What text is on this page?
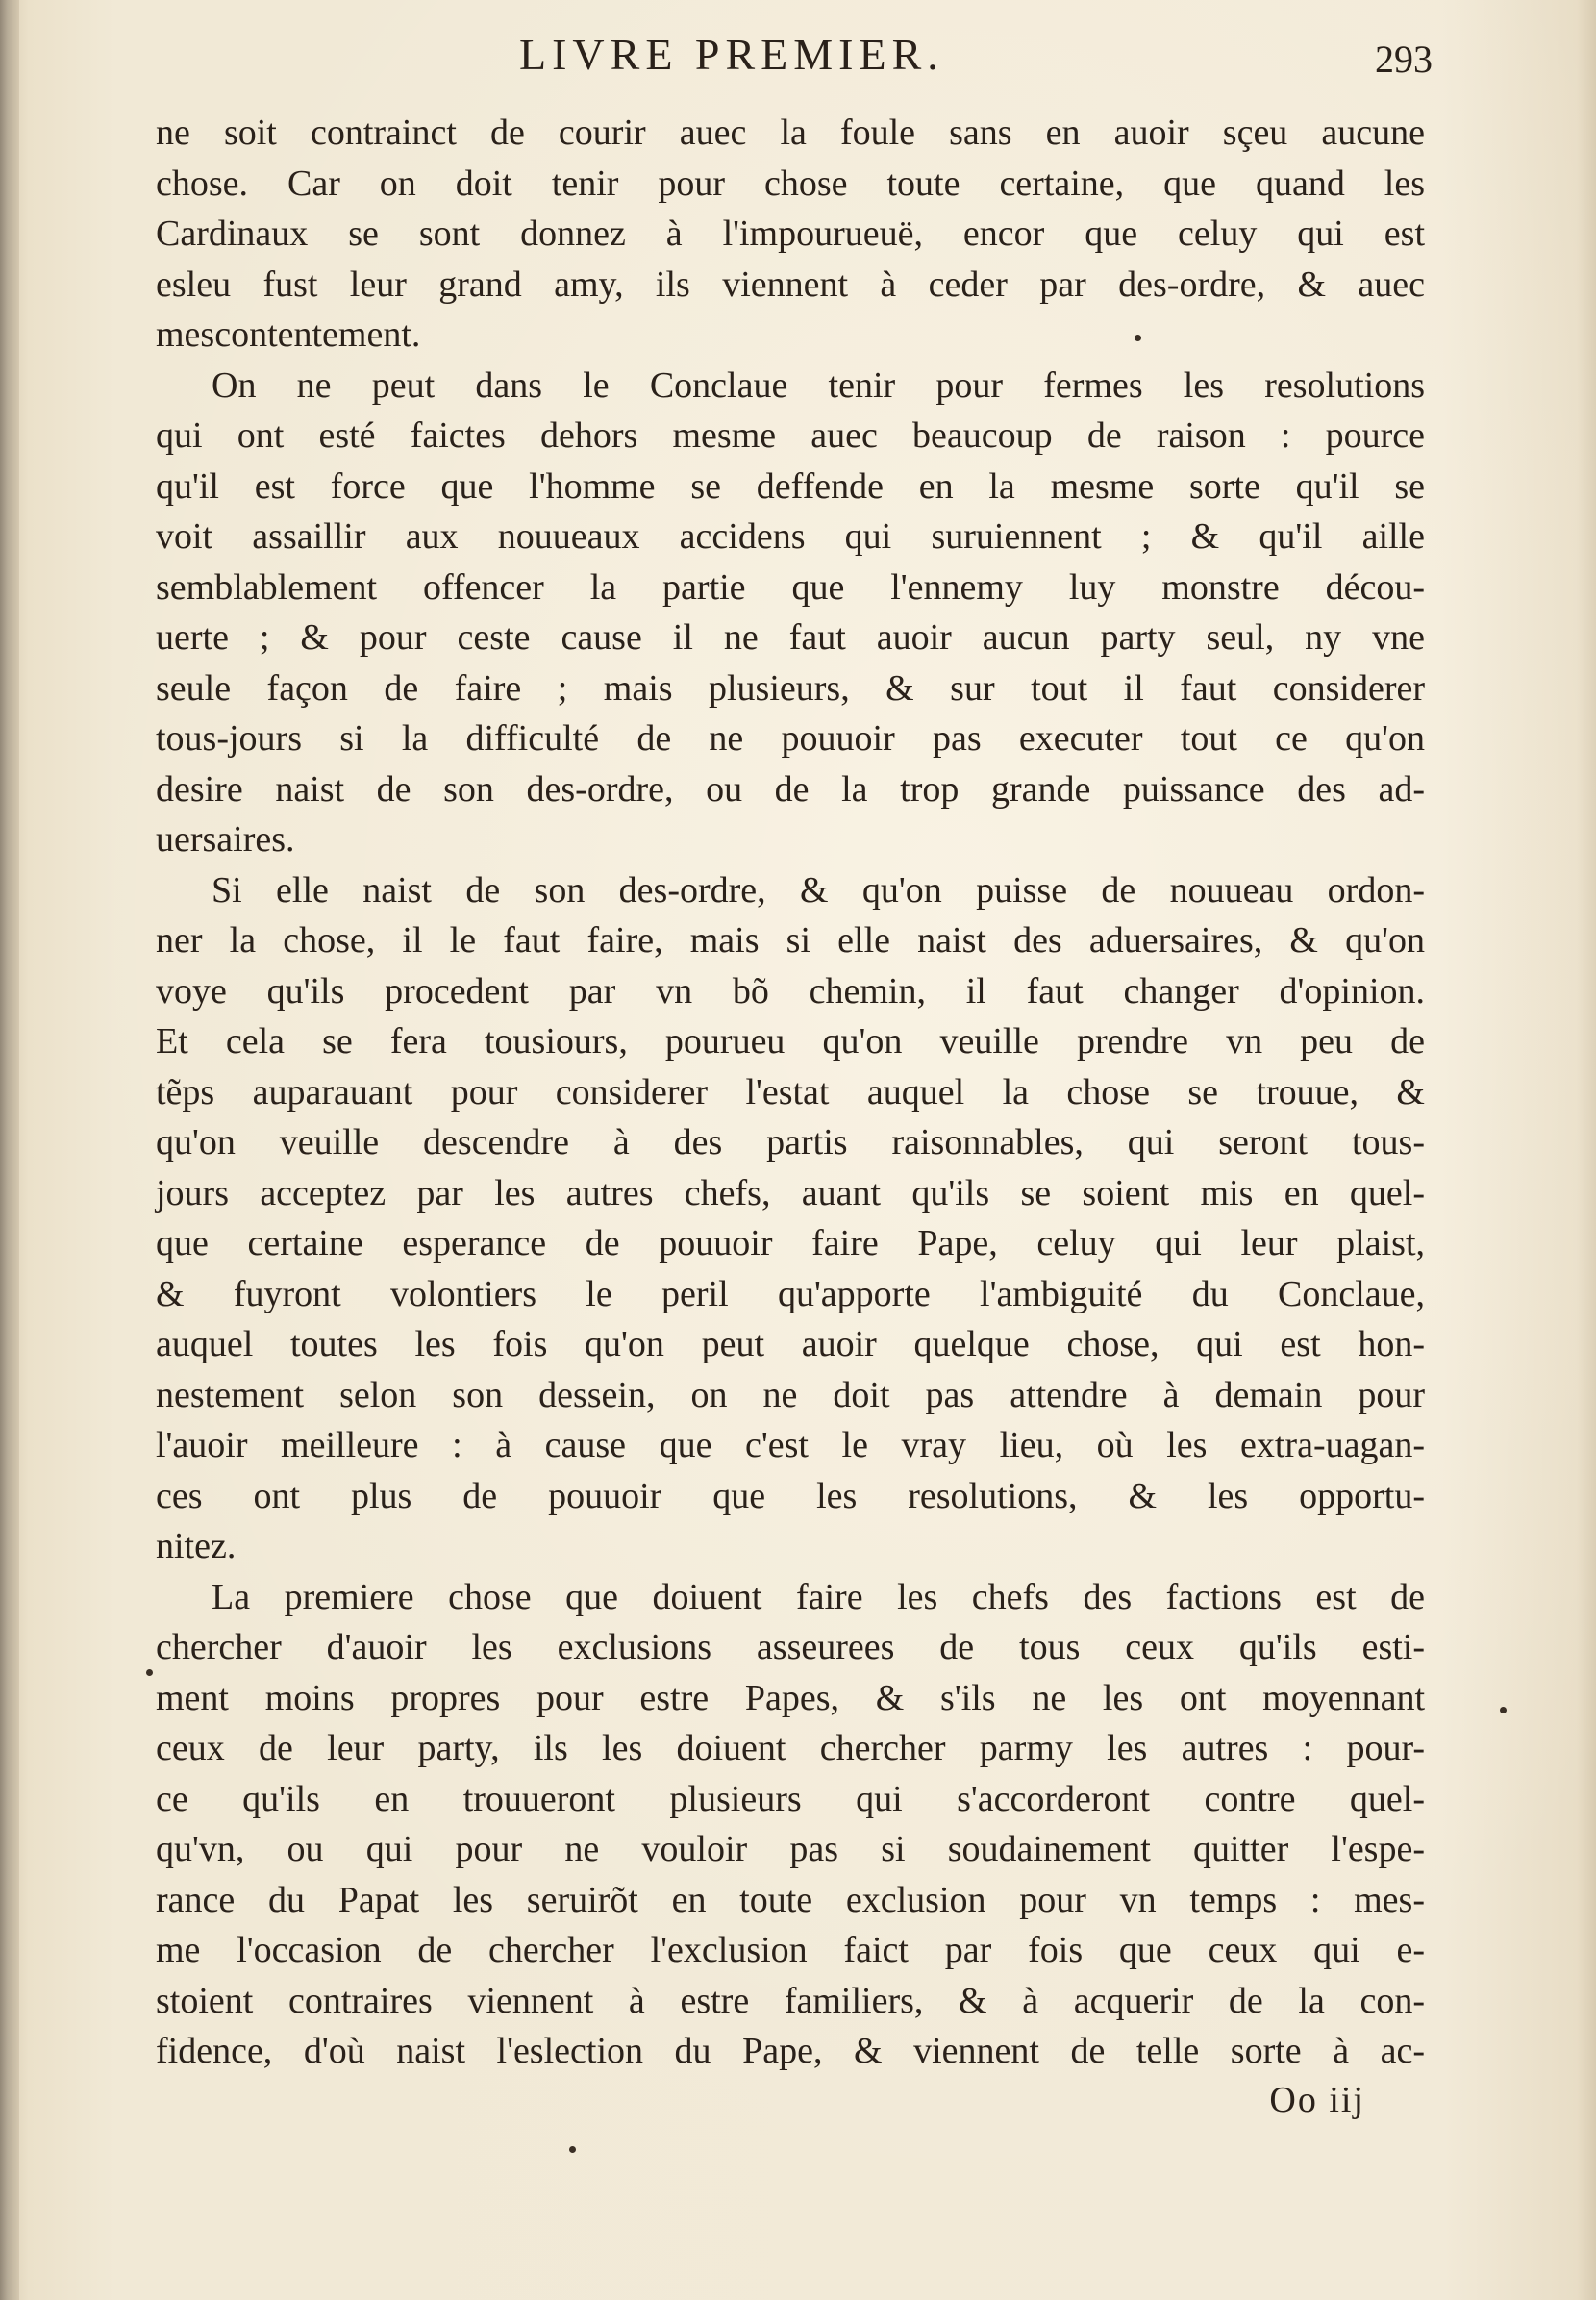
LIVRE PREMIER.	293
ne soit contrainct de courir auec la foule sans en auoir sçeu aucune
chose. Car on doit tenir pour chose toute certaine, que quand les
Cardinaux se sont donnez à l'impourueuë, encor que celuy qui est
esleu fust leur grand amy, ils viennent à ceder par des-ordre, & auec
mescontentement.
On ne peut dans le Conclaue tenir pour fermes les resolutions
qui ont esté faictes dehors mesme auec beaucoup de raison : pource
qu'il est force que l'homme se deffende en la mesme sorte qu'il se
voit assaillir aux nouueaux accidens qui suruiennent ; & qu'il aille
semblablement offencer la partie que l'ennemy luy monstre décou-
uerte ; & pour ceste cause il ne faut auoir aucun party seul, ny vne
seule façon de faire ; mais plusieurs, & sur tout il faut considerer
tous-jours si la difficulté de ne pouuoir pas executer tout ce qu'on
desire naist de son des-ordre, ou de la trop grande puissance des ad-
uersaires.
Si elle naist de son des-ordre, & qu'on puisse de nouueau ordon-
ner la chose, il le faut faire, mais si elle naist des aduersaires, & qu'on
voye qu'ils procedent par vn bõ chemin, il faut changer d'opinion.
Et cela se fera tousiours, pourueu qu'on veuille prendre vn peu de
tẽps auparauant pour considerer l'estat auquel la chose se trouue, &
qu'on veuille descendre à des partis raisonnables, qui seront tous-
jours acceptez par les autres chefs, auant qu'ils se soient mis en quel-
que certaine esperance de pouuoir faire Pape, celuy qui leur plaist,
& fuyront volontiers le peril qu'apporte l'ambiguité du Conclaue,
auquel toutes les fois qu'on peut auoir quelque chose, qui est hon-
nestement selon son dessein, on ne doit pas attendre à demain pour
l'auoir meilleure : à cause que c'est le vray lieu, où les extra-uagan-
ces ont plus de pouuoir que les resolutions, & les opportu-
nitez.
La premiere chose que doiuent faire les chefs des factions est de
chercher d'auoir les exclusions asseurees de tous ceux qu'ils esti-
ment moins propres pour estre Papes, & s'ils ne les ont moyennant
ceux de leur party, ils les doiuent chercher parmy les autres : pour-
ce qu'ils en trouueront plusieurs qui s'accorderont contre quel-
qu'vn, ou qui pour ne vouloir pas si soudainement quitter l'espe-
rance du Papat les seruirõt en toute exclusion pour vn temps : mes-
me l'occasion de chercher l'exclusion faict par fois que ceux qui e-
stoient contraires viennent à estre familiers, & à acquerir de la con-
fidence, d'où naist l'eslection du Pape, & viennent de telle sorte à ac-
Oo iij
